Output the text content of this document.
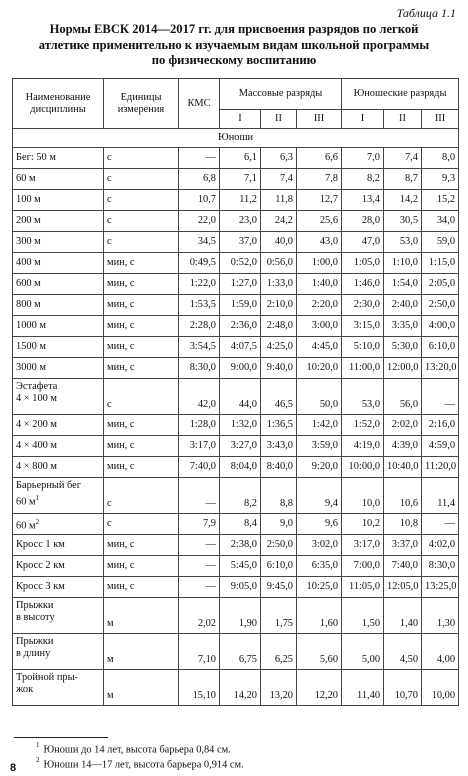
Таблица 1.1
Нормы ЕВСК 2014—2017 гг. для присвоения разрядов по легкой
атлетике применительно к изучаемым видам школьной программы
по физическому воспитанию
Наименование дисциплины	Единицы измерения	КМС	Массовые разряды			Юношеские разряды		
			I	II	III	I	II	III
Юноши								

Бег: 50 м	с	—	6,1	6,3	6,6	7,0	7,4	8,0

60 м	с	6,8	7,1	7,4	7,8	8,2	8,7	9,3

100 м	с	10,7	11,2	11,8	12,7	13,4	14,2	15,2

200 м	с	22,0	23,0	24,2	25,6	28,0	30,5	34,0

300 м	с	34,5	37,0	40,0	43,0	47,0	53,0	59,0

400 м	мин, с	0:49,5	0:52,0	0:56,0	1:00,0	1:05,0	1:10,0	1:15,0

600 м	мин, с	1:22,0	1:27,0	1:33,0	1:40,0	1:46,0	1:54,0	2:05,0

800 м	мин, с	1:53,5	1:59,0	2:10,0	2:20,0	2:30,0	2:40,0	2:50,0

1000 м	мин, с	2:28,0	2:36,0	2:48,0	3:00,0	3:15,0	3:35,0	4:00,0

1500 м	мин, с	3:54,5	4:07,5	4:25,0	4:45,0	5:10,0	5:30,0	6:10,0

3000 м	мин, с	8:30,0	9:00,0	9:40,0	10:20,0	11:00,0	12:00,0	13:20,0

Эстафета
4 × 100 м	с	42,0	44,0	46,5	50,0	53,0	56,0	—

4 × 200 м	мин, с	1:28,0	1:32,0	1:36,5	1:42,0	1:52,0	2:02,0	2:16,0

4 × 400 м	мин, с	3:17,0	3:27,0	3:43,0	3:59,0	4:19,0	4:39,0	4:59,0

4 × 800 м	мин, с	7:40,0	8:04,0	8:40,0	9:20,0	10:00,0	10:40,0	11:20,0

Барьерный бег
60 $м^1$	с	—	8,2	8,8	9,4	10,0	10,6	11,4

60 $м^2$	с	7,9	8,4	9,0	9,6	10,2	10,8	—

Кросс 1 км	мин, с	—	2:38,0	2:50,0	3:02,0	3:17,0	3:37,0	4:02,0

Кросс 2 км	мин, с	—	5:45,0	6:10,0	6:35,0	7:00,0	7:40,0	8:30,0

Кросс 3 км	мин, с	—	9:05,0	9:45,0	10:25,0	11:05,0	12:05,0	13:25,0

Прыжки
в высоту	м	2,02	1,90	1,75	1,60	1,50	1,40	1,30

Прыжки
в длину	м	7,10	6,75	6,25	5,60	5,00	4,50	4,00

Тройной пры-
жок	м	15,10	14,20	13,20	12,20	11,40	10,70	10,00
$^1$ Юноши до 14 лет, высота барьера 0,84 см.
$^2$ Юноши 14—17 лет, высота барьера 0,914 см.
8
